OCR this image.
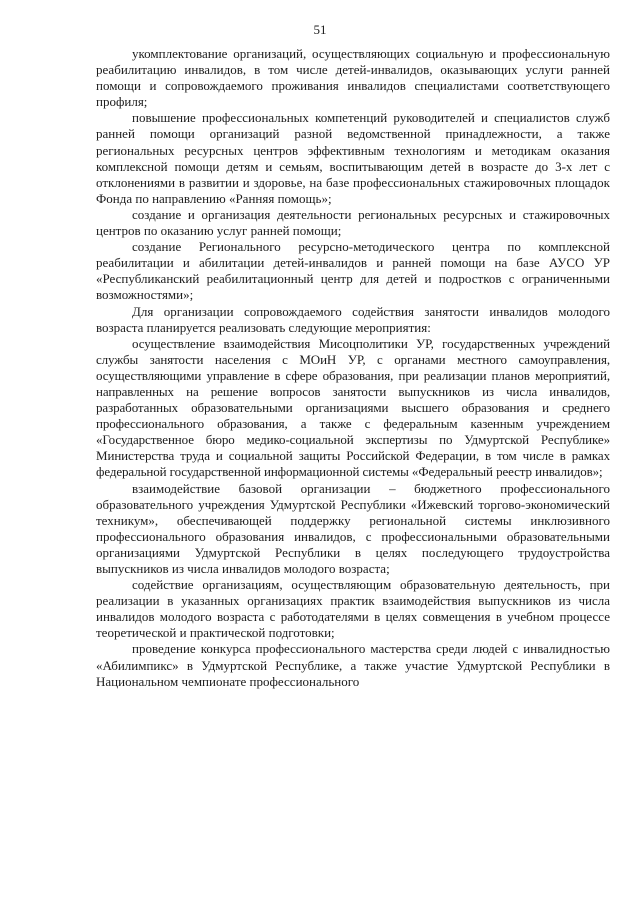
51

укомплектование организаций, осуществляющих социальную и профессиональную реабилитацию инвалидов, в том числе детей-инвалидов, оказывающих услуги ранней помощи и сопровождаемого проживания инвалидов специалистами соответствующего профиля;

повышение профессиональных компетенций руководителей и специалистов служб ранней помощи организаций разной ведомственной принадлежности, а также региональных ресурсных центров эффективным технологиям и методикам оказания комплексной помощи детям и семьям, воспитывающим детей в возрасте до 3-х лет с отклонениями в развитии и здоровье, на базе профессиональных стажировочных площадок Фонда по направлению «Ранняя помощь»;

создание и организация деятельности региональных ресурсных и стажировочных центров по оказанию услуг ранней помощи;

создание Регионального ресурсно-методического центра по комплексной реабилитации и абилитации детей-инвалидов и ранней помощи на базе АУСО УР «Республиканский реабилитационный центр для детей и подростков с ограниченными возможностями»;

Для организации сопровождаемого содействия занятости инвалидов молодого возраста планируется реализовать следующие мероприятия:

осуществление взаимодействия Мисоцполитики УР, государственных учреждений службы занятости населения с МОиН УР, с органами местного самоуправления, осуществляющими управление в сфере образования, при реализации планов мероприятий, направленных на решение вопросов занятости выпускников из числа инвалидов, разработанных образовательными организациями высшего образования и среднего профессионального образования, а также с федеральным казенным учреждением «Государственное бюро медико-социальной экспертизы по Удмуртской Республике» Министерства труда и социальной защиты Российской Федерации, в том числе в рамках федеральной государственной информационной системы «Федеральный реестр инвалидов»;

взаимодействие базовой организации – бюджетного профессионального образовательного учреждения Удмуртской Республики «Ижевский торгово-экономический техникум», обеспечивающей поддержку региональной системы инклюзивного профессионального образования инвалидов, с профессиональными образовательными организациями Удмуртской Республики в целях последующего трудоустройства выпускников из числа инвалидов молодого возраста;

содействие организациям, осуществляющим образовательную деятельность, при реализации в указанных организациях практик взаимодействия выпускников из числа инвалидов молодого возраста с работодателями в целях совмещения в учебном процессе теоретической и практической подготовки;

проведение конкурса профессионального мастерства среди людей с инвалидностью «Абилимпикс» в Удмуртской Республике, а также участие Удмуртской Республики в Национальном чемпионате профессионального
